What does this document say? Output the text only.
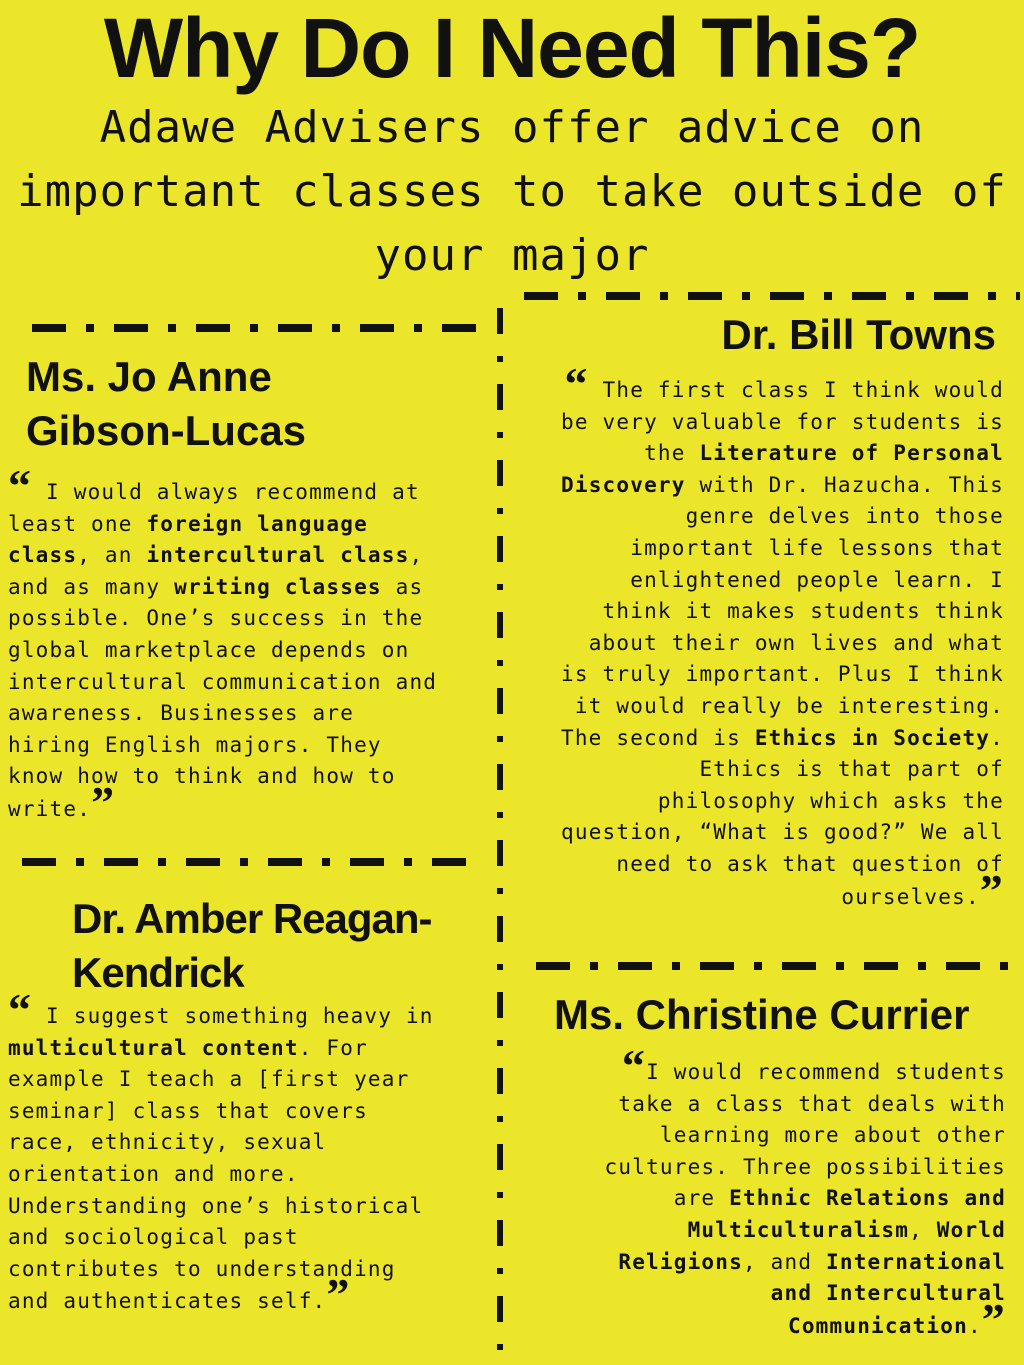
Why Do I Need This?
Adawe Advisers offer advice on
important classes to take outside of
your major
Ms. Jo Anne
Gibson-Lucas
“ I would always recommend at least one foreign language class, an intercultural class, and as many writing classes as possible. One’s success in the global marketplace depends on intercultural communication and awareness. Businesses are hiring English majors. They know how to think and how to write.”
Dr. Amber Reagan-
Kendrick
“ I suggest something heavy in multicultural content. For example I teach a [first year seminar] class that covers race, ethnicity, sexual orientation and more. Understanding one’s historical and sociological past contributes to understanding and authenticates self.”
Dr. Bill Towns
“ The first class I think would be very valuable for students is the Literature of Personal Discovery with Dr. Hazucha. This genre delves into those important life lessons that enlightened people learn. I think it makes students think about their own lives and what is truly important. Plus I think it would really be interesting. The second is Ethics in Society. Ethics is that part of philosophy which asks the question, “What is good?” We all need to ask that question of ourselves.”
Ms. Christine Currier
“I would recommend students take a class that deals with learning more about other cultures. Three possibilities are Ethnic Relations and Multiculturalism, World Religions, and International and Intercultural Communication.”
